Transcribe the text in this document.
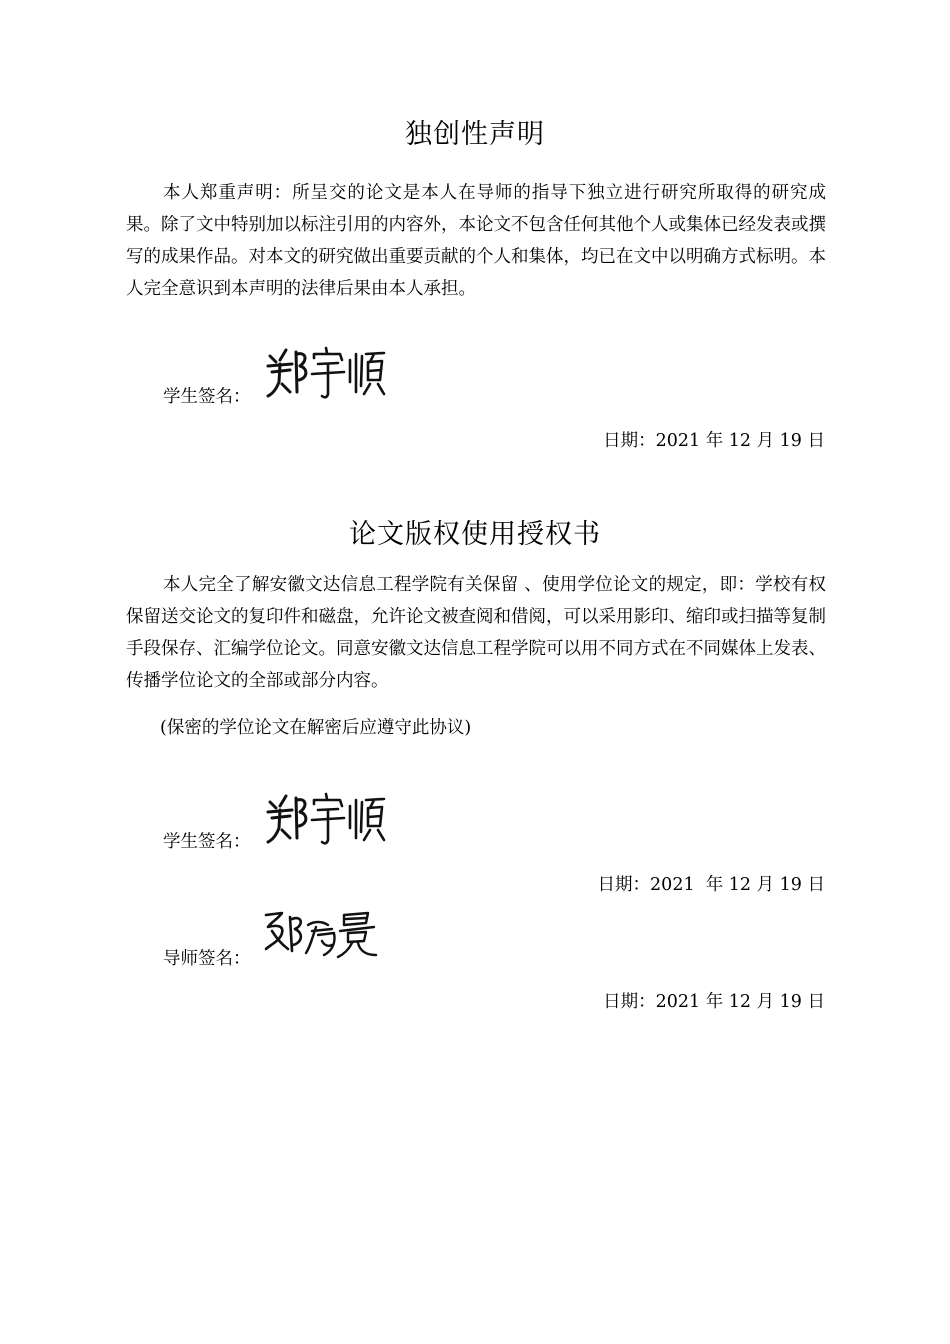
独创性声明

本人郑重声明：所呈交的论文是本人在导师的指导下独立进行研究所取得的研究成果。除了文中特别加以标注引用的内容外，本论文不包含任何其他个人或集体已经发表或撰写的成果作品。对本文的研究做出重要贡献的个人和集体，均已在文中以明确方式标明。本人完全意识到本声明的法律后果由本人承担。

学生签名：
日期：2021 年 12 月 19 日
论文版权使用授权书

本人完全了解安徽文达信息工程学院有关保留 、使用学位论文的规定，即：学校有权保留送交论文的复印件和磁盘，允许论文被查阅和借阅，可以采用影印、缩印或扫描等复制手段保存、汇编学位论文。同意安徽文达信息工程学院可以用不同方式在不同媒体上发表、传播学位论文的全部或部分内容。

(保密的学位论文在解密后应遵守此协议)

学生签名：
日期：2021  年 12 月 19 日
导师签名：
日期：2021 年 12 月 19 日
